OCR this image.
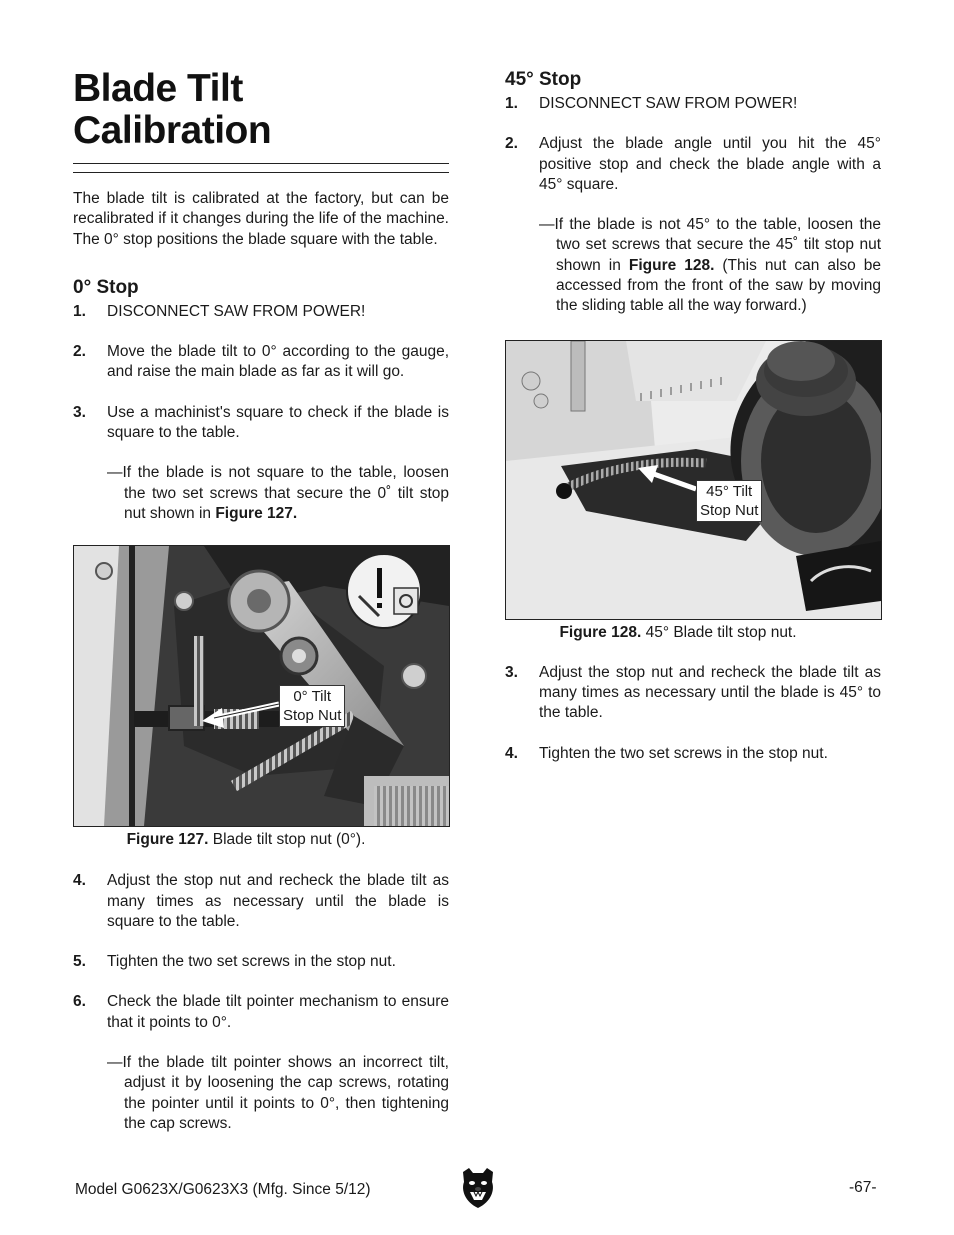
Blade Tilt Calibration

The blade tilt is calibrated at the factory, but can be recalibrated if it changes during the life of the machine. The 0° stop positions the blade square with the table.

0° Stop
1. DISCONNECT SAW FROM POWER!
2. Move the blade tilt to 0° according to the gauge, and raise the main blade as far as it will go.
3. Use a machinist's square to check if the blade is square to the table.

—If the blade is not square to the table, loosen the two set screws that secure the 0˚ tilt stop nut shown in Figure 127.

0° Tilt
Stop Nut

Figure 127. Blade tilt stop nut (0°).

4. Adjust the stop nut and recheck the blade tilt as many times as necessary until the blade is square to the table.
5. Tighten the two set screws in the stop nut.
6. Check the blade tilt pointer mechanism to ensure that it points to 0°.

—If the blade tilt pointer shows an incorrect tilt, adjust it by loosening the cap screws, rotating the pointer until it points to 0°, then tightening the cap screws.

45° Stop
1. DISCONNECT SAW FROM POWER!
2. Adjust the blade angle until you hit the 45° positive stop and check the blade angle with a 45° square.

—If the blade is not 45° to the table, loosen the two set screws that secure the 45˚ tilt stop nut shown in Figure 128. (This nut can also be accessed from the front of the saw by moving the sliding table all the way forward.)

45° Tilt
Stop Nut

Figure 128. 45° Blade tilt stop nut.

3. Adjust the stop nut and recheck the blade tilt as many times as necessary until the blade is 45° to the table.
4. Tighten the two set screws in the stop nut.
Model G0623X/G0623X3 (Mfg. Since 5/12)	-67-
